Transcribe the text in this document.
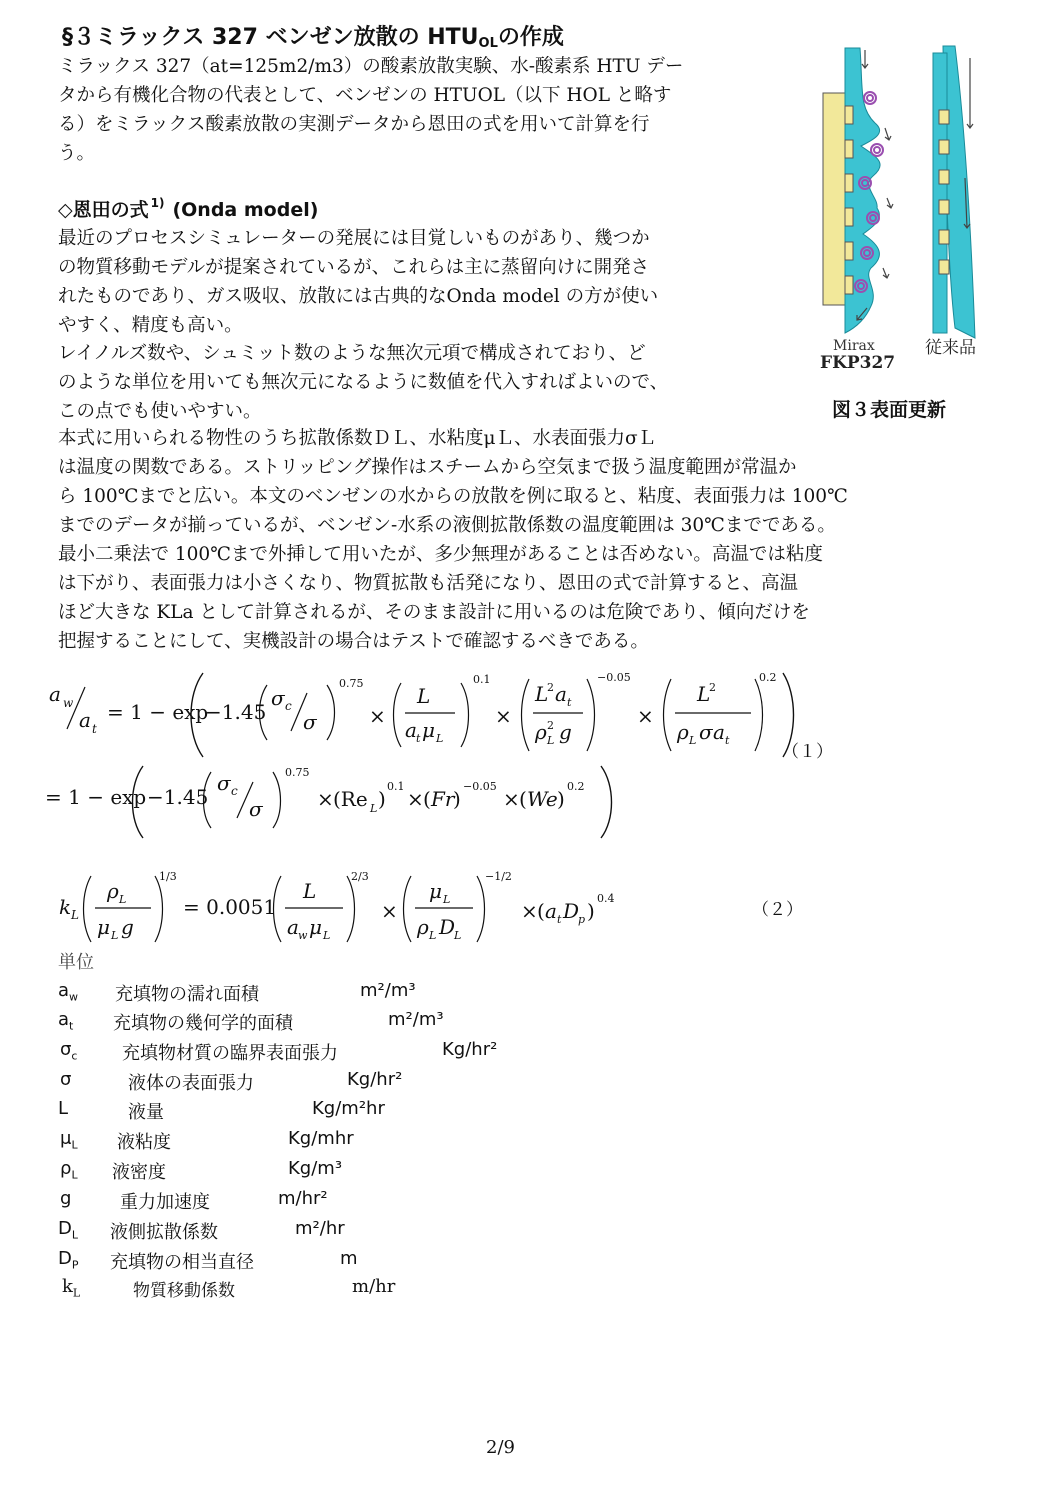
§３ミラックス 327 ベンゼン放散の $HTU_{OL}$の作成
ミラックス 327（at=125m2/m3）の酸素放散実験、水-酸素系 HTU デー
タから有機化合物の代表として、ベンゼンの HTUOL（以下 HOL と略す
る）をミラックス酸素放散の実測データから恩田の式を用いて計算を行
う。
◇恩田の式 $^{1)}$ (Onda model)
最近のプロセスシミュレーターの発展には目覚しいものがあり、幾つか
の物質移動モデルが提案されているが、これらは主に蒸留向けに開発さ
れたものであり、ガス吸収、放散には古典的なOnda model の方が使い
やすく、精度も高い。
レイノルズ数や、シュミット数のような無次元項で構成されており、ど
のような単位を用いても無次元になるように数値を代入すればよいので、
この点でも使いやすい。
本式に用いられる物性のうち拡散係数ＤＬ、水粘度μＬ、水表面張力σＬ
は温度の関数である。ストリッピング操作はスチームから空気まで扱う温度範囲が常温か
ら 100℃までと広い。本文のベンゼンの水からの放散を例に取ると、粘度、表面張力は 100℃
までのデータが揃っているが、ベンゼン-水系の液側拡散係数の温度範囲は 30℃までである。
最小二乗法で 100℃まで外挿して用いたが、多少無理があることは否めない。高温では粘度
は下がり、表面張力は小さくなり、物質拡散も活発になり、恩田の式で計算すると、高温
ほど大きな KLa として計算されるが、そのまま設計に用いるのは危険であり、傾向だけを
把握することにして、実機設計の場合はテストで確認するべきである。
Mirax
FKP327
従来品
図３表面更新
a w
a t
= 1 − exp
−1.45
σ c
σ
0.75
×
L
a t μ L
0.1
×
L
2 a t
ρ L
2 g
−0.05
×
L
2
ρ L σ a t
0.2
（１）
= 1 − exp −1.45
σ c
σ
0.75
× (Re L )
0.1
× ( Fr
)
−0.05
× ( We )
0.2
k L
ρ L
μ L g
1/3
= 0.0051
L
a w μ L
2/3
×
μ L
ρ L D
L
−1/2
× ( a t D
p )
0.4
（２）
単位
$a_w$ 充填物の濡れ面積	m²/m³
$a_t$ 充填物の幾何学的面積	m²/m³
$\sigma_c$ 充填物材質の臨界表面張力	Kg/hr²
σ	液体の表面張力	Kg/hr²
L	液量	Kg/m²hr
$\mu_L$ 液粘度	Kg/mhr
$\rho_L$ 液密度	Kg/m³
g	重力加速度	m/hr²
$D_L$ 液側拡散係数	m²/hr
$D_P$ 充填物の相当直径	m
$k_L$	物質移動係数	m/hr
2/9
